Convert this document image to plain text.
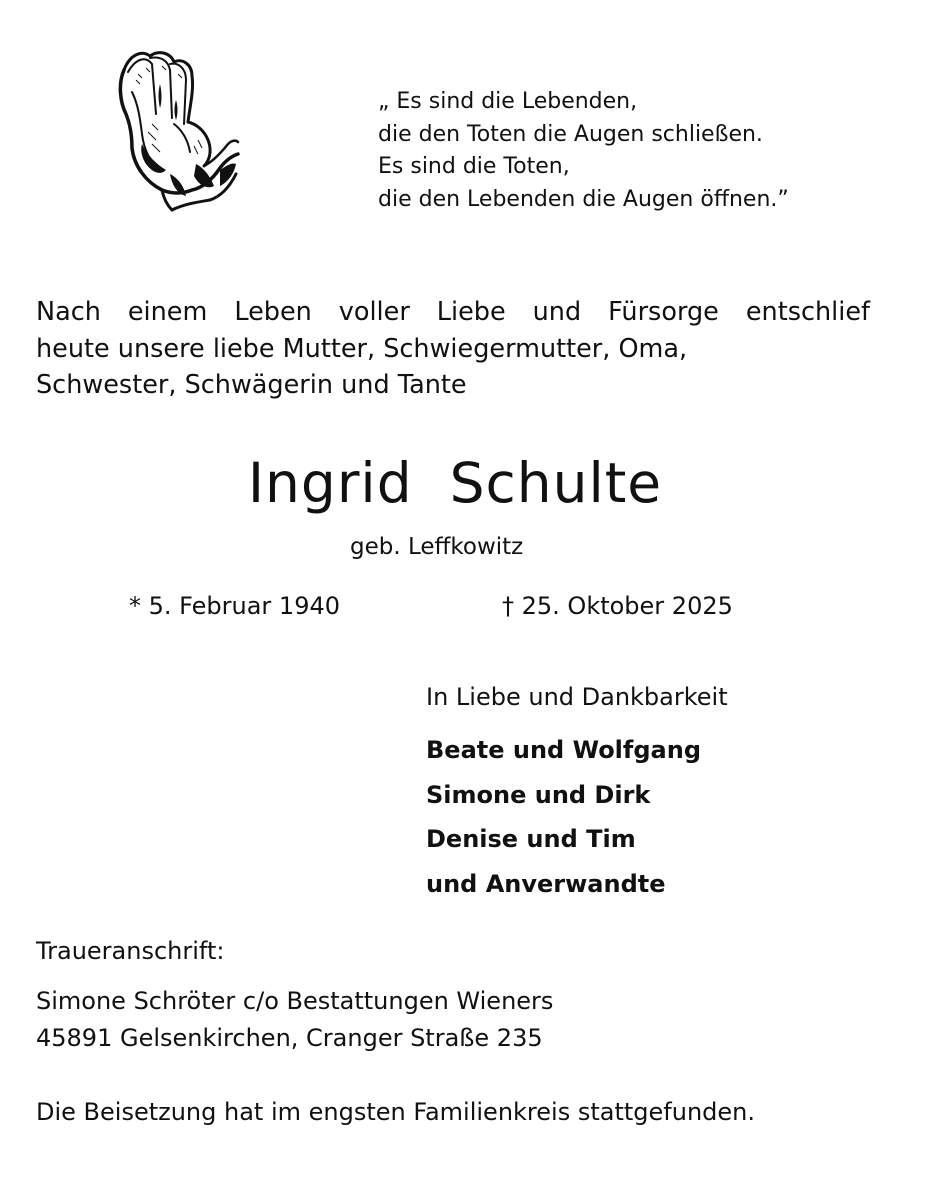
„ Es sind die Lebenden,
die den Toten die Augen schließen.
Es sind die Toten,
die den Lebenden die Augen öffnen.”
Nach einem Leben voller Liebe und Fürsorge entschlief
heute unsere liebe Mutter, Schwiegermutter, Oma,
Schwester, Schwägerin und Tante
Ingrid  Schulte
geb. Leffkowitz
* 5. Februar 1940	† 25. Oktober 2025
In Liebe und Dankbarkeit
Beate und Wolfgang
Simone und Dirk
Denise und Tim
und Anverwandte
Traueranschrift:
Simone Schröter c/o Bestattungen Wieners
45891 Gelsenkirchen, Cranger Straße 235
Die Beisetzung hat im engsten Familienkreis stattgefunden.
